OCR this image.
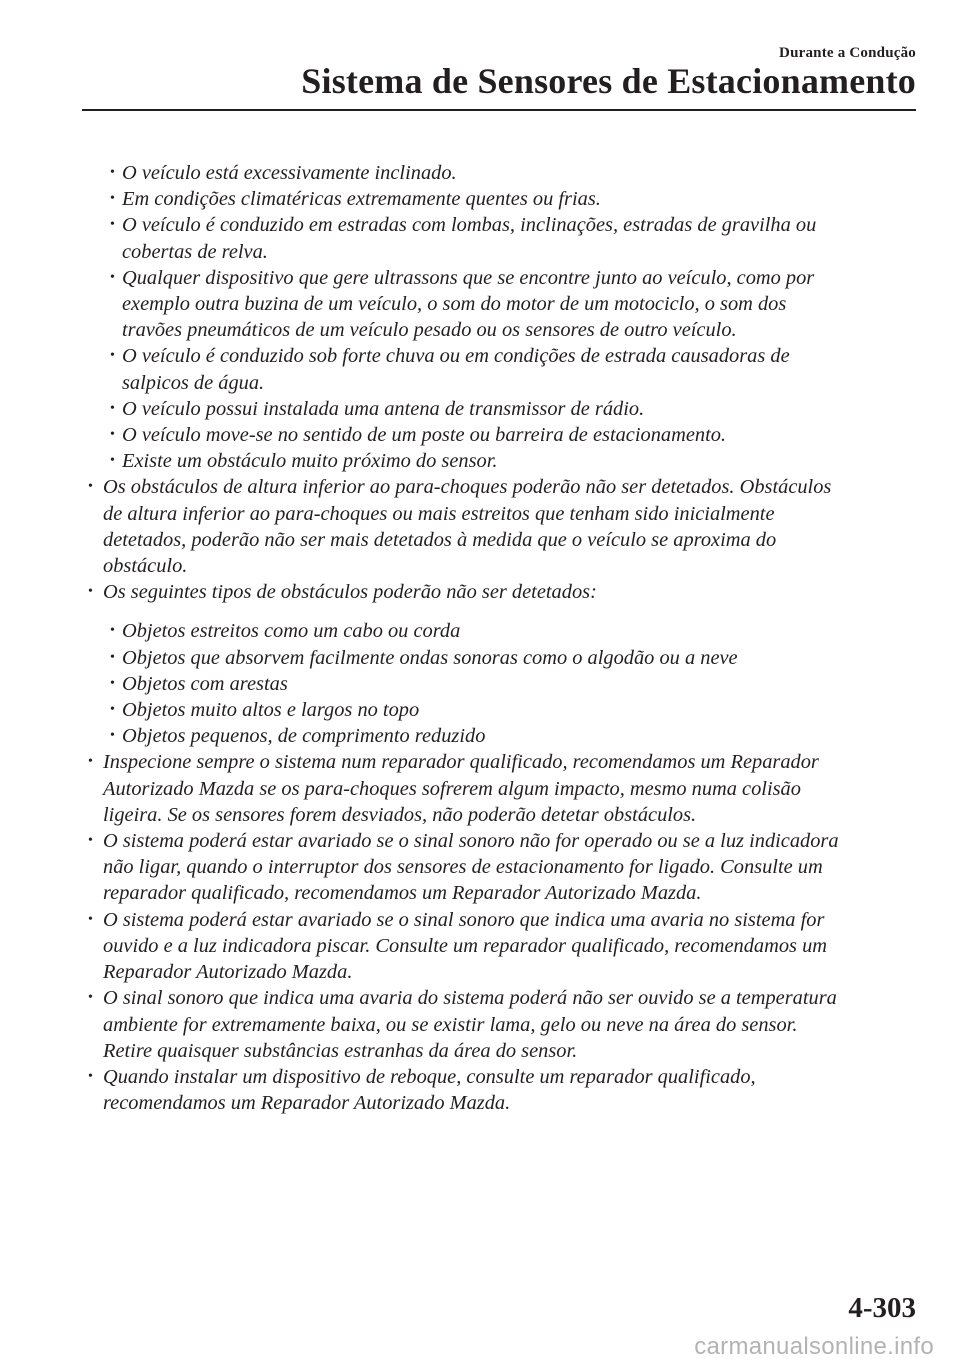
Durante a Condução
Sistema de Sensores de Estacionamento
• O veículo está excessivamente inclinado.
• Em condições climatéricas extremamente quentes ou frias.
• O veículo é conduzido em estradas com lombas, inclinações, estradas de gravilha ou
cobertas de relva.
• Qualquer dispositivo que gere ultrassons que se encontre junto ao veículo, como por
exemplo outra buzina de um veículo, o som do motor de um motociclo, o som dos
travões pneumáticos de um veículo pesado ou os sensores de outro veículo.
• O veículo é conduzido sob forte chuva ou em condições de estrada causadoras de
salpicos de água.
• O veículo possui instalada uma antena de transmissor de rádio.
• O veículo move-se no sentido de um poste ou barreira de estacionamento.
• Existe um obstáculo muito próximo do sensor.
• Os obstáculos de altura inferior ao para-choques poderão não ser detetados. Obstáculos
de altura inferior ao para-choques ou mais estreitos que tenham sido inicialmente
detetados, poderão não ser mais detetados à medida que o veículo se aproxima do
obstáculo.
• Os seguintes tipos de obstáculos poderão não ser detetados:
• Objetos estreitos como um cabo ou corda
• Objetos que absorvem facilmente ondas sonoras como o algodão ou a neve
• Objetos com arestas
• Objetos muito altos e largos no topo
• Objetos pequenos, de comprimento reduzido
• Inspecione sempre o sistema num reparador qualificado, recomendamos um Reparador
Autorizado Mazda se os para-choques sofrerem algum impacto, mesmo numa colisão
ligeira. Se os sensores forem desviados, não poderão detetar obstáculos.
• O sistema poderá estar avariado se o sinal sonoro não for operado ou se a luz indicadora
não ligar, quando o interruptor dos sensores de estacionamento for ligado. Consulte um
reparador qualificado, recomendamos um Reparador Autorizado Mazda.
• O sistema poderá estar avariado se o sinal sonoro que indica uma avaria no sistema for
ouvido e a luz indicadora piscar. Consulte um reparador qualificado, recomendamos um
Reparador Autorizado Mazda.
• O sinal sonoro que indica uma avaria do sistema poderá não ser ouvido se a temperatura
ambiente for extremamente baixa, ou se existir lama, gelo ou neve na área do sensor.
Retire quaisquer substâncias estranhas da área do sensor.
• Quando instalar um dispositivo de reboque, consulte um reparador qualificado,
recomendamos um Reparador Autorizado Mazda.
4-303
carmanualsonline.info
